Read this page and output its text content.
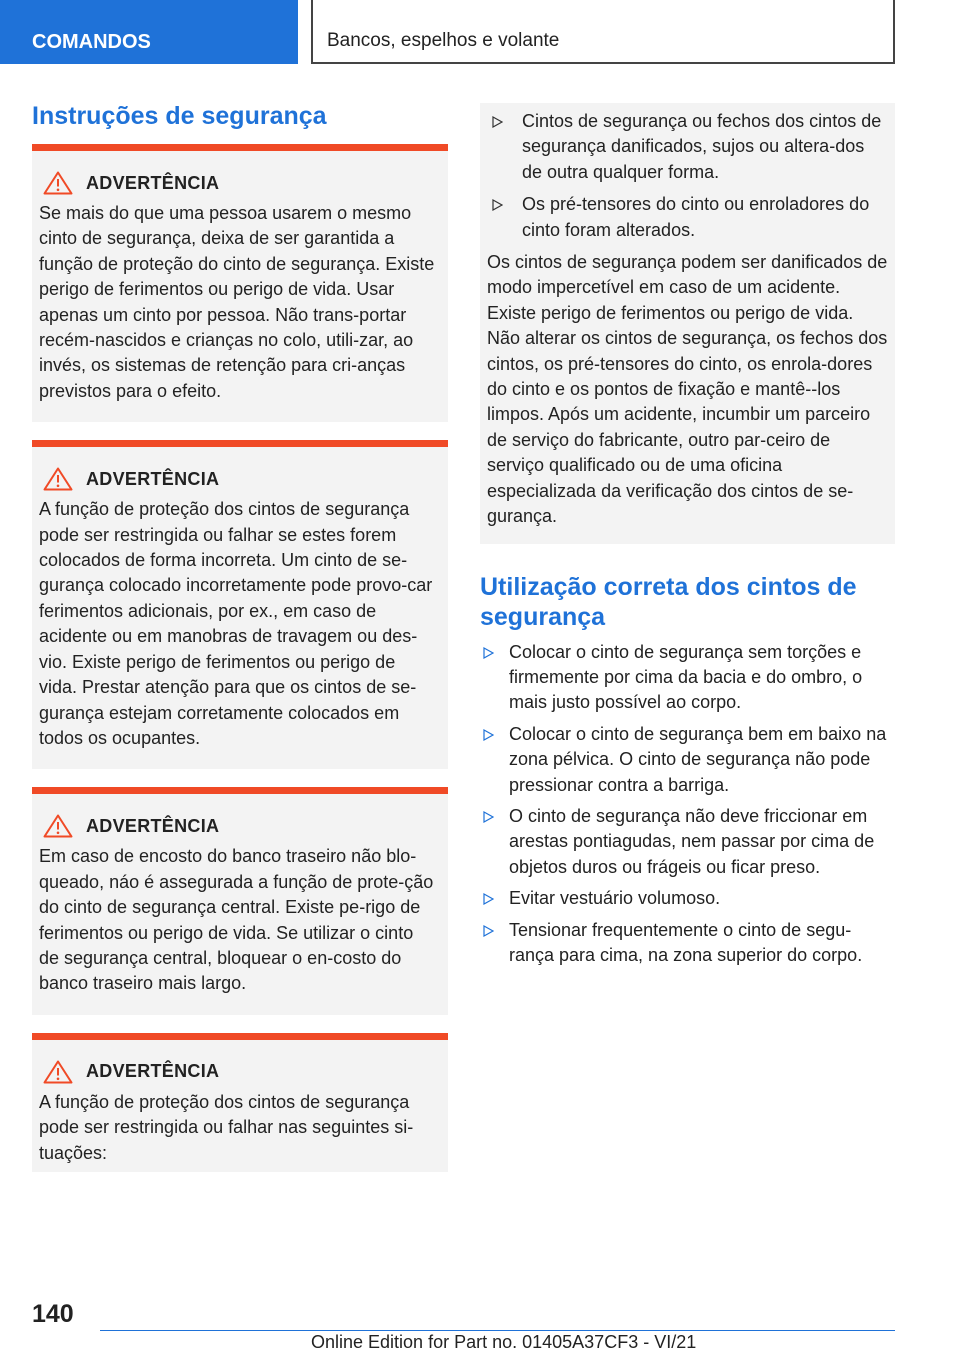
COMANDOS	Bancos, espelhos e volante
Instruções de segurança
ADVERTÊNCIA

Se mais do que uma pessoa usarem o mesmo cinto de segurança, deixa de ser garantida a função de proteção do cinto de segurança. Existe perigo de ferimentos ou perigo de vida. Usar apenas um cinto por pessoa. Não trans-portar recém-nascidos e crianças no colo, utili-zar, ao invés, os sistemas de retenção para cri-anças previstos para o efeito.

ADVERTÊNCIA

A função de proteção dos cintos de segurança pode ser restringida ou falhar se estes forem colocados de forma incorreta. Um cinto de se-gurança colocado incorretamente pode provo-car ferimentos adicionais, por ex., em caso de acidente ou em manobras de travagem ou des-vio. Existe perigo de ferimentos ou perigo de vida. Prestar atenção para que os cintos de se-gurança estejam corretamente colocados em todos os ocupantes.

ADVERTÊNCIA

Em caso de encosto do banco traseiro não blo-queado, náo é assegurada a função de prote-ção do cinto de segurança central. Existe pe-rigo de ferimentos ou perigo de vida. Se utilizar o cinto de segurança central, bloquear o en-costo do banco traseiro mais largo.

ADVERTÊNCIA

A função de proteção dos cintos de segurança pode ser restringida ou falhar nas seguintes si-tuações:

Cintos de segurança ou fechos dos cintos de segurança danificados, sujos ou altera-dos de outra qualquer forma.
Os pré-tensores do cinto ou enroladores do cinto foram alterados.

Os cintos de segurança podem ser danificados de modo impercetível em caso de um acidente. Existe perigo de ferimentos ou perigo de vida. Não alterar os cintos de segurança, os fechos dos cintos, os pré-tensores do cinto, os enrola-dores do cinto e os pontos de fixação e mantê--los limpos. Após um acidente, incumbir um parceiro de serviço do fabricante, outro par-ceiro de serviço qualificado ou de uma oficina especializada da verificação dos cintos de se-gurança.

Utilização correta dos cintos de segurança
Colocar o cinto de segurança sem torções e firmemente por cima da bacia e do ombro, o mais justo possível ao corpo.
Colocar o cinto de segurança bem em baixo na zona pélvica. O cinto de segurança não pode pressionar contra a barriga.
O cinto de segurança não deve friccionar em arestas pontiagudas, nem passar por cima de objetos duros ou frágeis ou ficar preso.
Evitar vestuário volumoso.
Tensionar frequentemente o cinto de segu-rança para cima, na zona superior do corpo.
140
Online Edition for Part no. 01405A37CF3 - VI/21
